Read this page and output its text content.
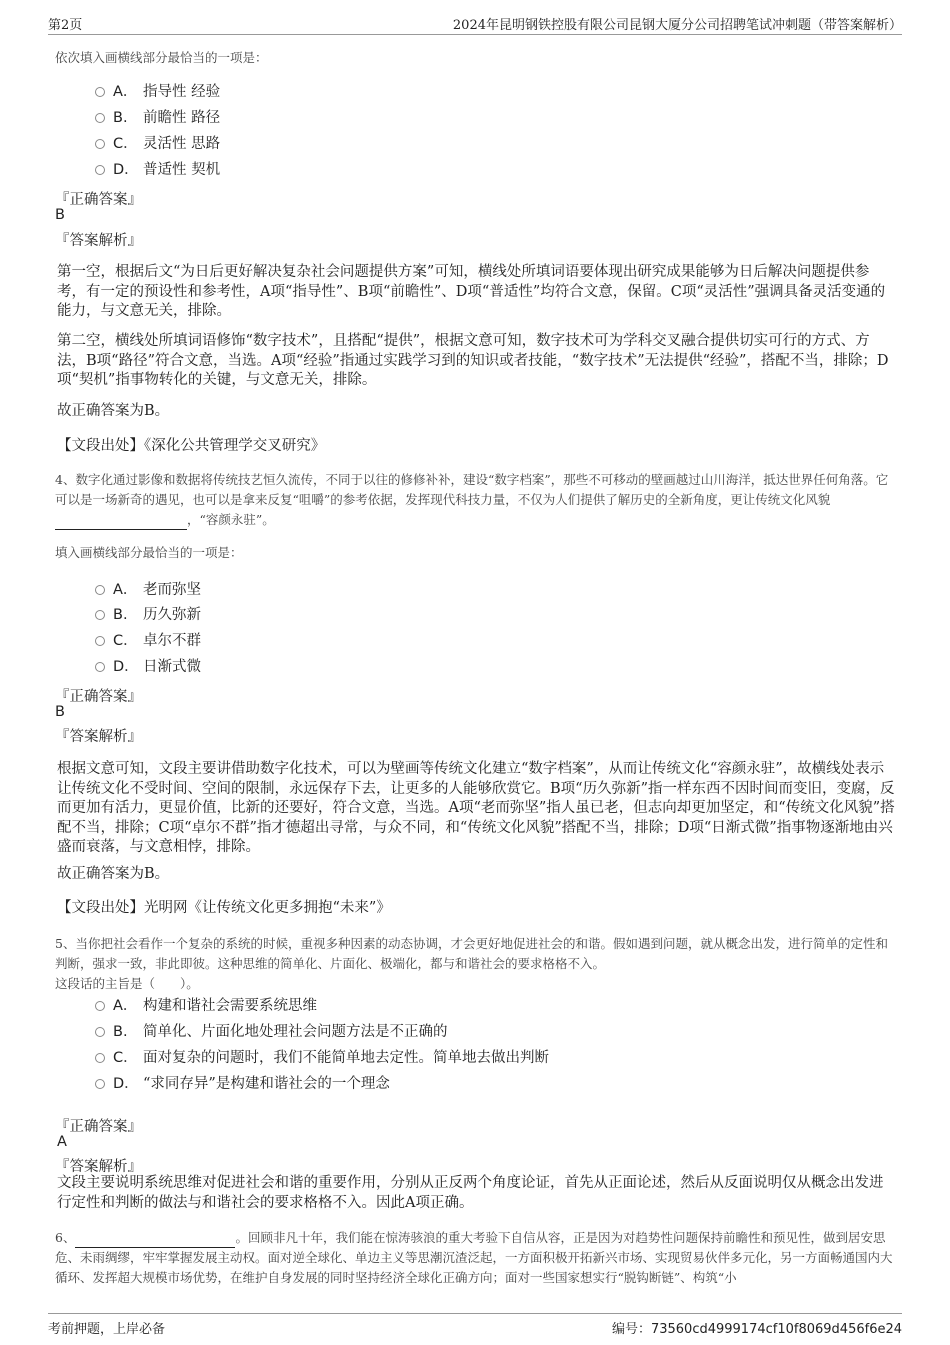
第2页	2024年昆明钢铁控股有限公司昆钢大厦分公司招聘笔试冲刺题（带答案解析）
依次填入画横线部分最恰当的一项是：
A． 指导性 经验
B. 前瞻性 路径
C． 灵活性 思路
D． 普适性 契机
『正确答案』
B
『答案解析』
第一空，根据后文“为日后更好解决复杂社会问题提供方案”可知，横线处所填词语要体现出研究成果能够为日后解决问题提供参考，有一定的预设性和参考性，A项“指导性”、B项“前瞻性”、D项“普适性”均符合文意，保留。C项“灵活性”强调具备灵活变通的能力，与文意无关，排除。
第二空，横线处所填词语修饰“数字技术”，且搭配“提供”，根据文意可知，数字技术可为学科交叉融合提供切实可行的方式、方法，B项“路径”符合文意，当选。A项“经验”指通过实践学习到的知识或者技能，“数字技术”无法提供“经验”，搭配不当，排除；D项“契机”指事物转化的关键，与文意无关，排除。
故正确答案为B。
【文段出处】《深化公共管理学交叉研究》
4、数字化通过影像和数据将传统技艺恒久流传，不同于以往的修修补补，建设“数字档案”，那些不可移动的壁画越过山川海洋，抵达世界任何角落。它可以是一场新奇的遇见，也可以是拿来反复“咀嚼”的参考依据，发挥现代科技力量，不仅为人们提供了解历史的全新角度，更让传统文化风貌，“容颜永驻”。
填入画横线部分最恰当的一项是：
A． 老而弥坚
B. 历久弥新
C． 卓尔不群
D． 日渐式微
『正确答案』
B
『答案解析』
根据文意可知，文段主要讲借助数字化技术，可以为壁画等传统文化建立“数字档案”，从而让传统文化“容颜永驻”，故横线处表示让传统文化不受时间、空间的限制，永远保存下去，让更多的人能够欣赏它。B项“历久弥新”指一样东西不因时间而变旧，变腐，反而更加有活力，更显价值，比新的还要好，符合文意，当选。A项“老而弥坚”指人虽已老，但志向却更加坚定，和“传统文化风貌”搭配不当，排除；C项“卓尔不群”指才德超出寻常，与众不同，和“传统文化风貌”搭配不当，排除；D项“日渐式微”指事物逐渐地由兴盛而衰落，与文意相悖，排除。
故正确答案为B。
【文段出处】光明网《让传统文化更多拥抱“未来”》
5、当你把社会看作一个复杂的系统的时候，重视多种因素的动态协调，才会更好地促进社会的和谐。假如遇到问题，就从概念出发，进行简单的定性和判断，强求一致，非此即彼。这种思维的简单化、片面化、极端化，都与和谐社会的要求格格不入。
这段话的主旨是（　　）。
A． 构建和谐社会需要系统思维
B. 简单化、片面化地处理社会问题方法是不正确的
C． 面对复杂的问题时，我们不能简单地去定性。简单地去做出判断
D． “求同存异”是构建和谐社会的一个理念
『正确答案』
A
『答案解析』
文段主要说明系统思维对促进社会和谐的重要作用，分别从正反两个角度论证，首先从正面论述，然后从反面说明仅从概念出发进行定性和判断的做法与和谐社会的要求格格不入。因此A项正确。
6、	。回顾非凡十年，我们能在惊涛骇浪的重大考验下自信从容，正是因为对趋势性问题保持前瞻性和预见性，做到居安思危、未雨绸缪，牢牢掌握发展主动权。面对逆全球化、单边主义等思潮沉渣泛起，一方面积极开拓新兴市场、实现贸易伙伴多元化，另一方面畅通国内大循环、发挥超大规模市场优势，在维护自身发展的同时坚持经济全球化正确方向；面对一些国家想实行“脱钩断链”、构筑“小
考前押题，上岸必备	编号：73560cd4999174cf10f8069d456f6e24
